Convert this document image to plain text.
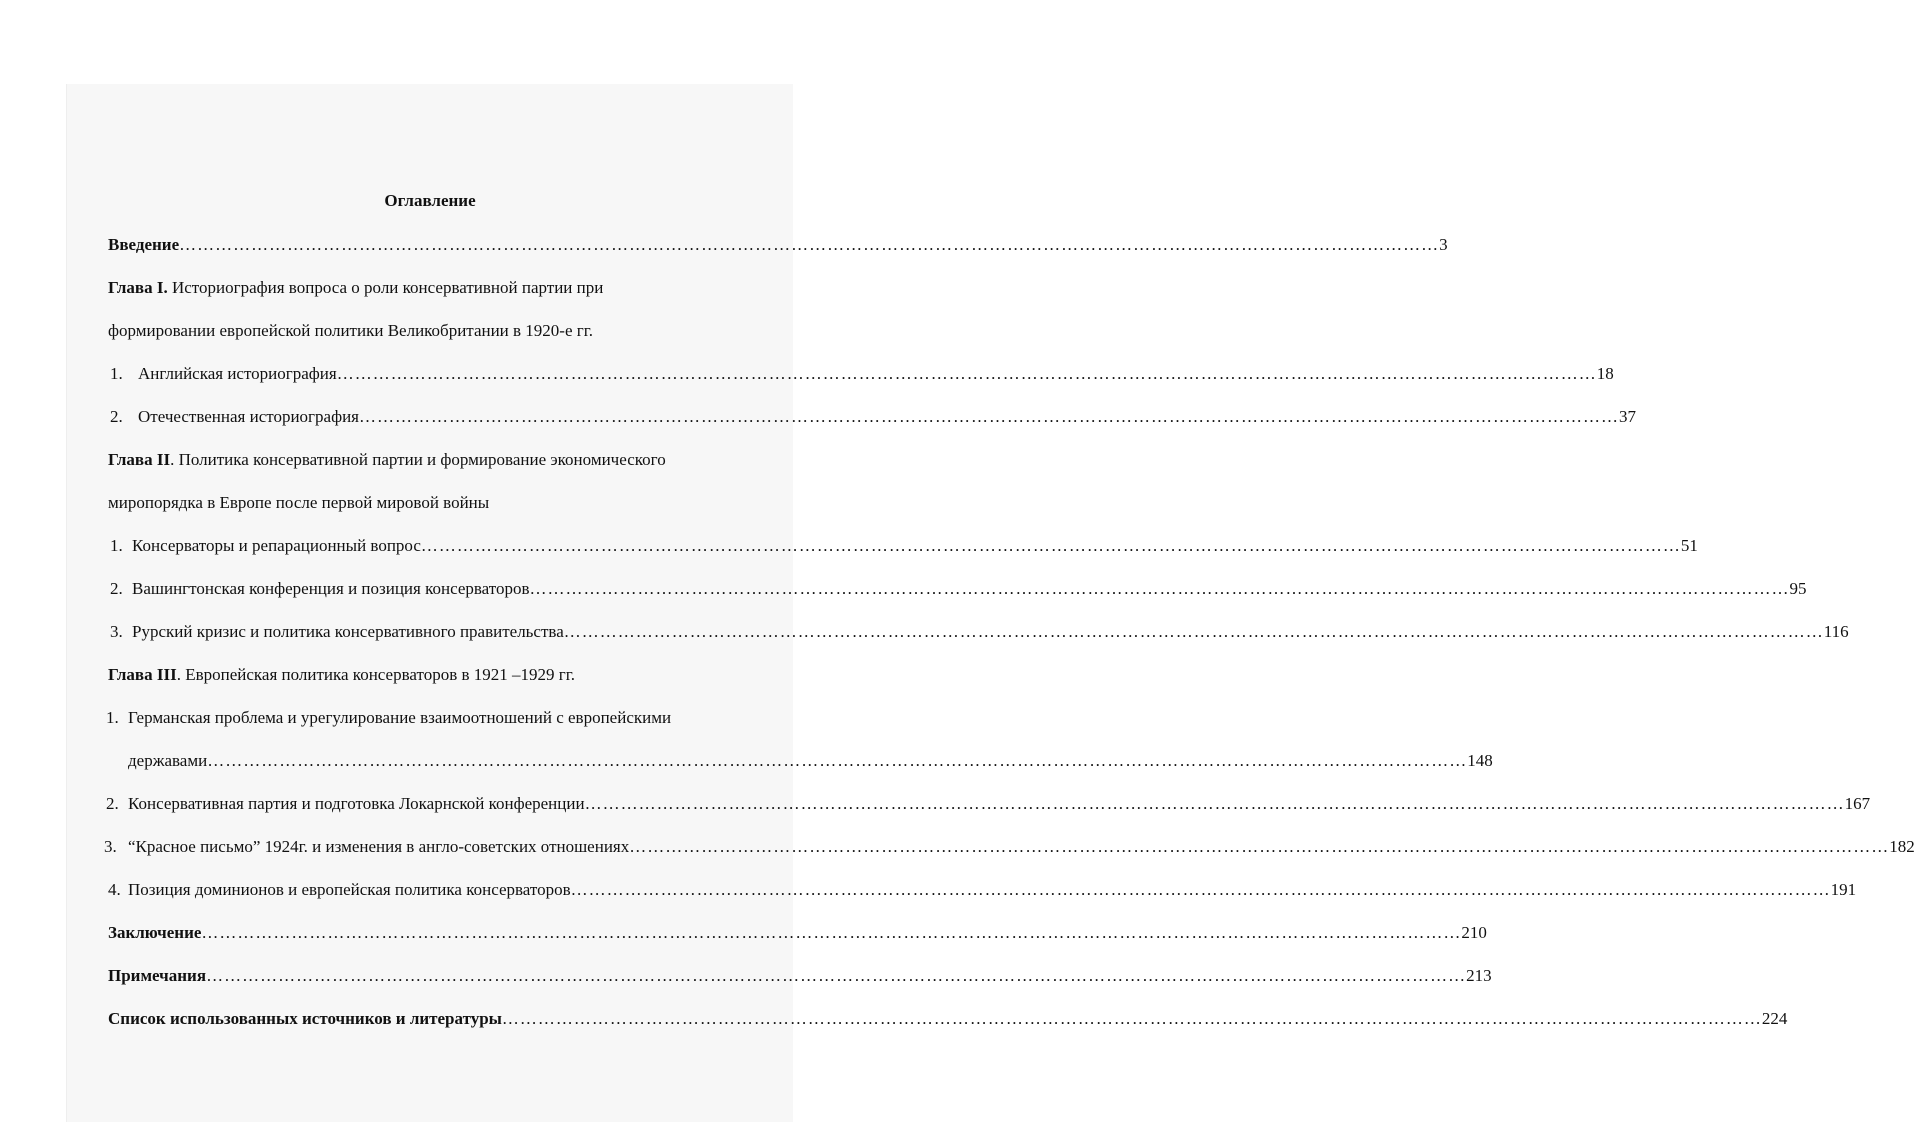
Оглавление
Введение ………………………………………………………………………………………………………………………………………………………………………………………… 3
Глава I. Историография вопроса о роли консервативной партии при
формировании европейской политики Великобритании в 1920-е гг.
1. Английская историография ………………………………………………………………………………………………………………………………………………………………………………………… 18
2. Отечественная историография ………………………………………………………………………………………………………………………………………………………………………………………… 37
Глава II. Политика консервативной партии и формирование экономического
миропорядка в Европе после первой мировой войны
1. Консерваторы и репарационный вопрос ………………………………………………………………………………………………………………………………………………………………………………………… 51
2. Вашингтонская конференция и позиция консерваторов ………………………………………………………………………………………………………………………………………………………………………………………… 95
3. Рурский кризис и политика консервативного правительства ………………………………………………………………………………………………………………………………………………………………………………………… 116
Глава III. Европейская политика консерваторов в 1921 –1929 гг.
1. Германская проблема и урегулирование взаимоотношений с европейскими
державами ………………………………………………………………………………………………………………………………………………………………………………………… 148
2. Консервативная партия и подготовка Локарнской конференции ………………………………………………………………………………………………………………………………………………………………………………………… 167
3. “Красное письмо” 1924г. и изменения в англо-советских отношениях ………………………………………………………………………………………………………………………………………………………………………………………… 182
4. Позиция доминионов и европейская политика консерваторов ………………………………………………………………………………………………………………………………………………………………………………………… 191
Заключение ………………………………………………………………………………………………………………………………………………………………………………………… 210
Примечания ………………………………………………………………………………………………………………………………………………………………………………………… 213
Список использованных источников и литературы ………………………………………………………………………………………………………………………………………………………………………………………… 224
